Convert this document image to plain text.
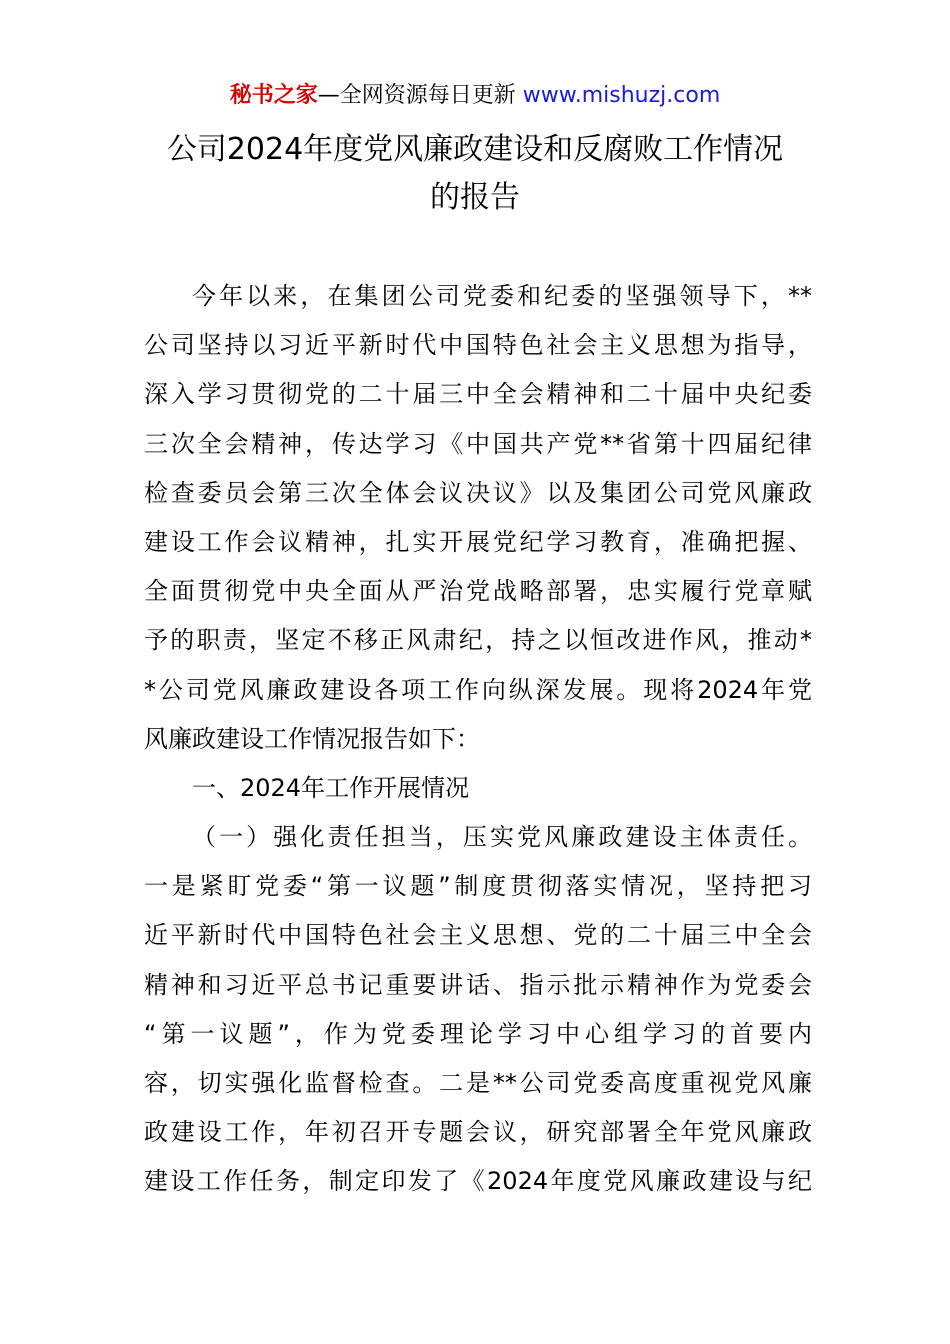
秘书之家—全网资源每日更新 www.mishuzj.com
公司2024年度党风廉政建设和反腐败工作情况
的报告
今年以来，在集团公司党委和纪委的坚强领导下，**
公司坚持以习近平新时代中国特色社会主义思想为指导，
深入学习贯彻党的二十届三中全会精神和二十届中央纪委
三次全会精神，传达学习《中国共产党**省第十四届纪律
检查委员会第三次全体会议决议》以及集团公司党风廉政
建设工作会议精神，扎实开展党纪学习教育，准确把握、
全面贯彻党中央全面从严治党战略部署，忠实履行党章赋
予的职责，坚定不移正风肃纪，持之以恒改进作风，推动*
*公司党风廉政建设各项工作向纵深发展。现将2024年党
风廉政建设工作情况报告如下：
一、2024年工作开展情况
（一）强化责任担当，压实党风廉政建设主体责任。
一是紧盯党委“第一议题”制度贯彻落实情况，坚持把习
近平新时代中国特色社会主义思想、党的二十届三中全会
精神和习近平总书记重要讲话、指示批示精神作为党委会
“第一议题”，作为党委理论学习中心组学习的首要内
容，切实强化监督检查。二是**公司党委高度重视党风廉
政建设工作，年初召开专题会议，研究部署全年党风廉政
建设工作任务，制定印发了《2024年度党风廉政建设与纪
